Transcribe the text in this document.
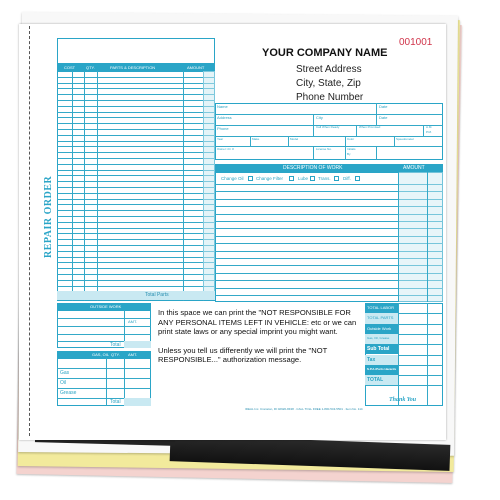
REPAIR ORDER
COST	QTY.	PARTS & DESCRIPTION	AMOUNT
Total Parts
YOUR COMPANY NAME
Street Address
City, State, Zip
Phone Number
001001
Name	Date
Address	City	Date
Phone	Call When Ready	When Promised	A.M.
P.M.
Year	Make	Model	Color	Speedometer
Owner I.D. #	License No.	Initials
By
DESCRIPTION OF WORK	AMOUNT
Change Oil	Change Filter	Lube Trans.	Diff.
OUTSIDE WORK
AMT.
Total
GAS, OIL QTY. AMT.
Gas
Oil
Grease
Total
In this space we can print the "NOT RESPONSIBLE FOR ANY PERSONAL ITEMS LEFT IN VEHICLE: etc or we can print state laws or any special imprint you might want.
Unless you tell us differently we will print the "NOT RESPONSIBLE..." authorization message.
TOTAL LABOR
TOTAL PARTS
Outside Work
Gas, Oil, Grease
Sub Total
Tax
S.P.A./Parts Hazards
TOTAL
Thank You
IDEAL Inc. Cranston, RI 02920-8438 · CALL TOLL FREE 1-800-543-5501 · Item No. 114
